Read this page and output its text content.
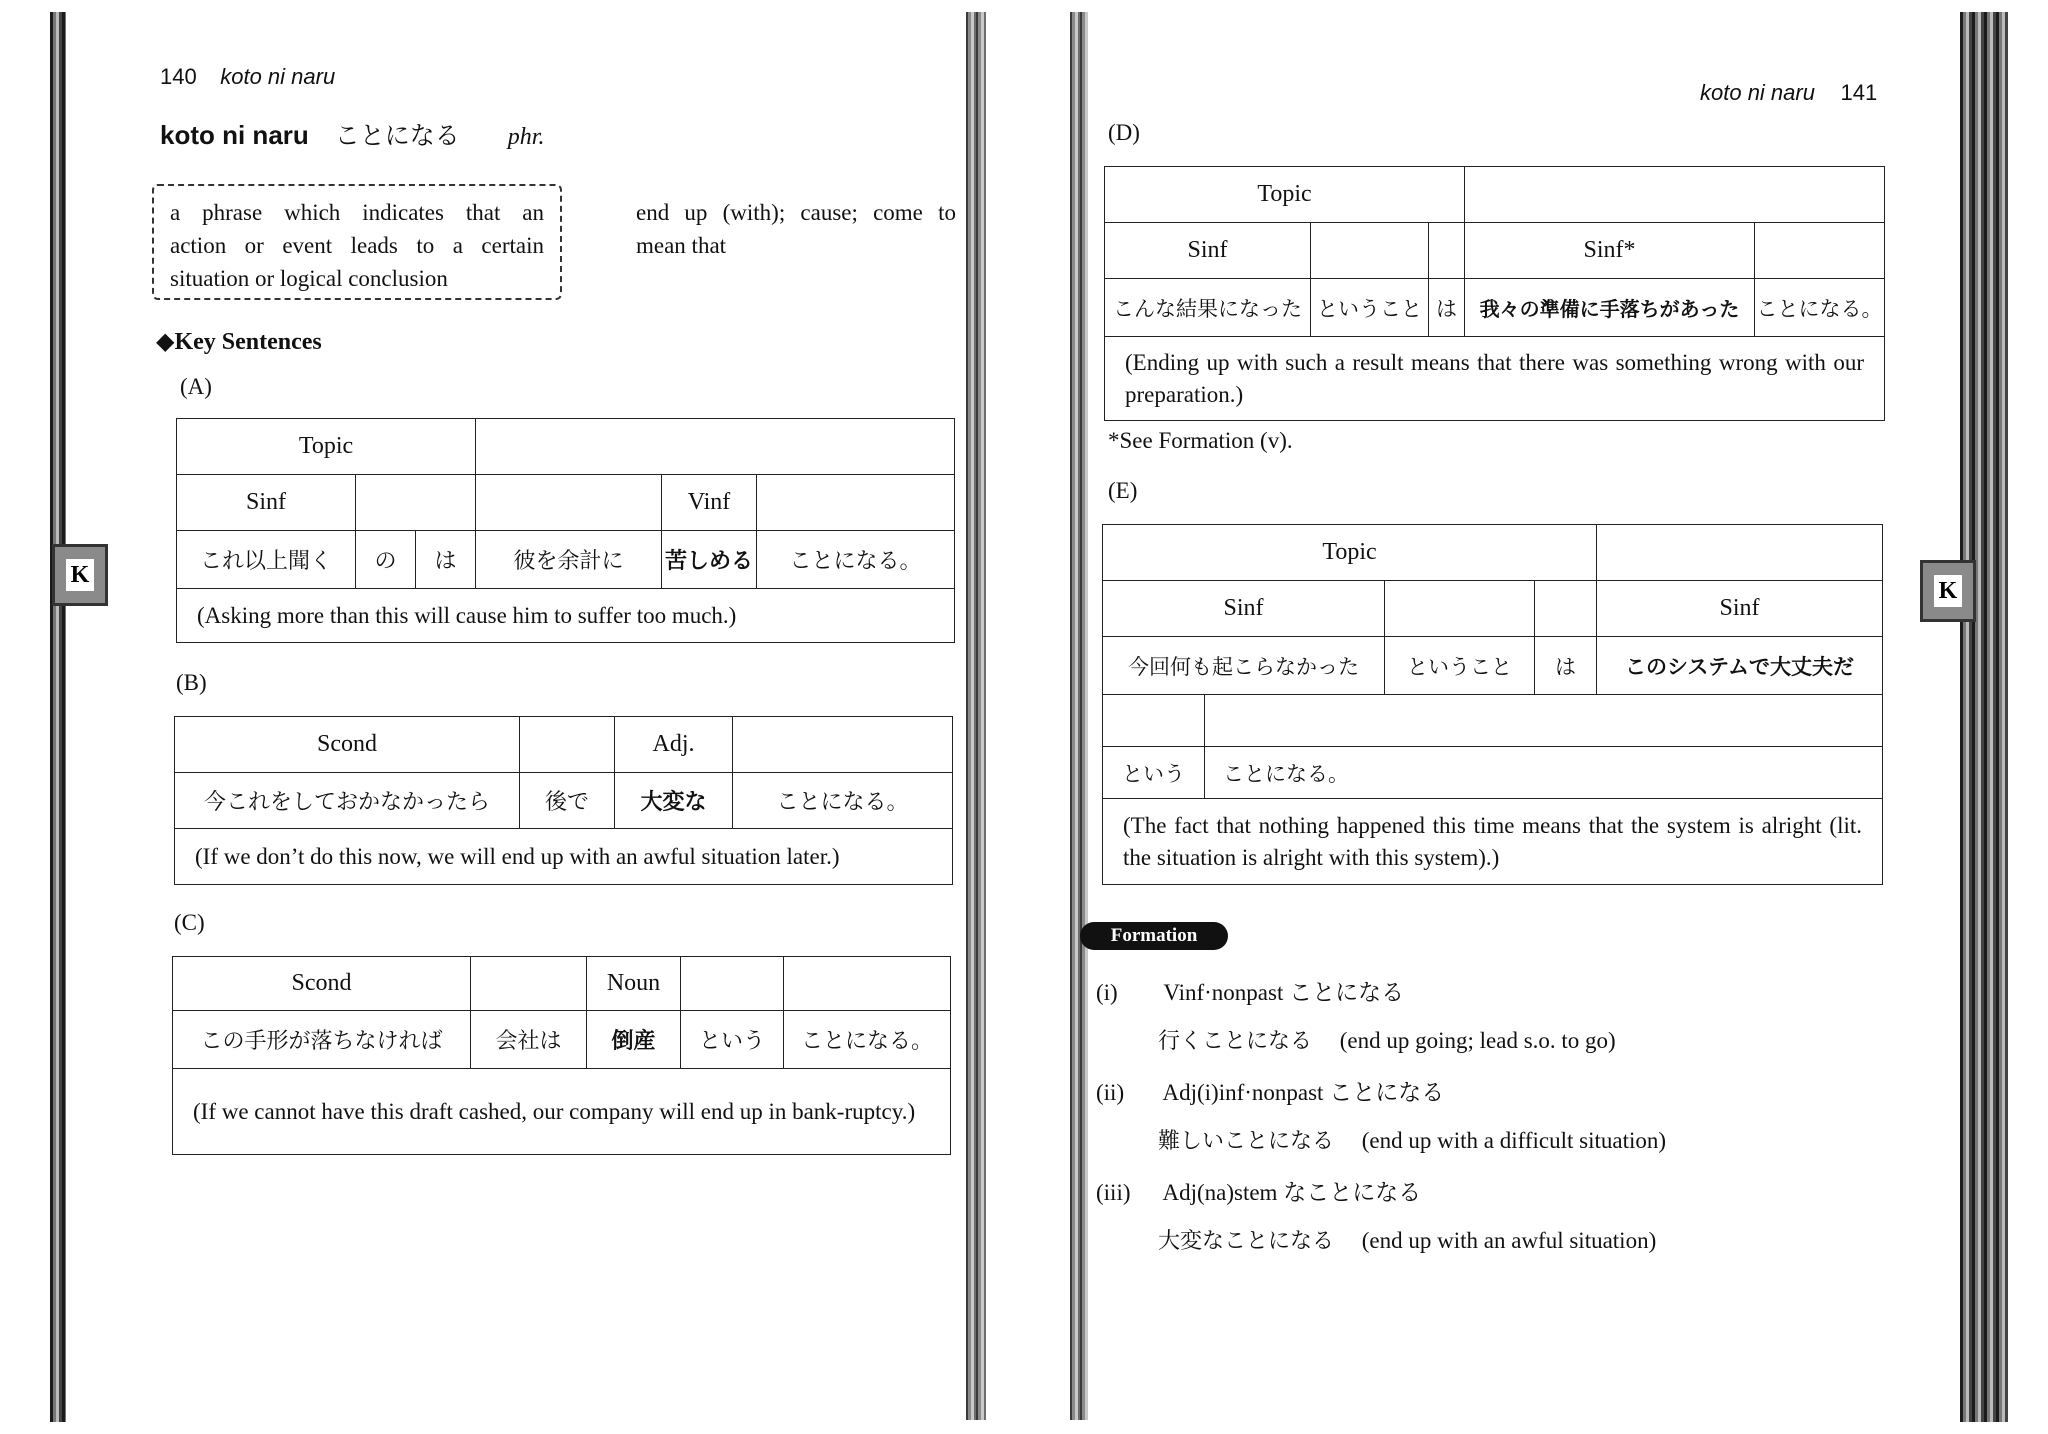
140 koto ni naru
koto ni naru ことになる phr.
a phrase which indicates that an
action or event leads to a certain
situation or logical conclusion
end up (with); cause; come to
mean that
◆Key Sentences
(A)
Topic					
Sinf				Vinf	
これ以上聞く	の	は	彼を余計に	苦しめる	ことになる。
(Asking more than this will cause him to suffer too much.)					
(B)
Scond		Adj.	
今これをしておかなかったら	後で	大変な	ことになる。
(If we don’t do this now, we will end up with an awful situation later.)			
(C)
Scond		Noun		
この手形が落ちなければ	会社は	倒産	という	ことになる。
(If we cannot have this draft cashed, our company will end up in bank-ruptcy.)				
K
koto ni naru 141
(D)
Topic				
Sinf			Sinf*	
こんな結果になった	ということ	は	我々の準備に手落ちがあった	ことになる。
(Ending up with such a result means that there was something wrong with our preparation.)				
*See Formation (v).
(E)
Topic				
Sinf				Sinf
今回何も起こらなかった		ということ	は	このシステムで大丈夫だ

という	ことになる。			
(The fact that nothing happened this time means that the system is alright (lit. the situation is alright with this system).)				
Formation
(i) Vinf·nonpast ことになる
行くことになる (end up going; lead s.o. to go)
(ii) Adj(i)inf·nonpast ことになる
難しいことになる (end up with a difficult situation)
(iii) Adj(na)stem なことになる
大変なことになる (end up with an awful situation)
K
